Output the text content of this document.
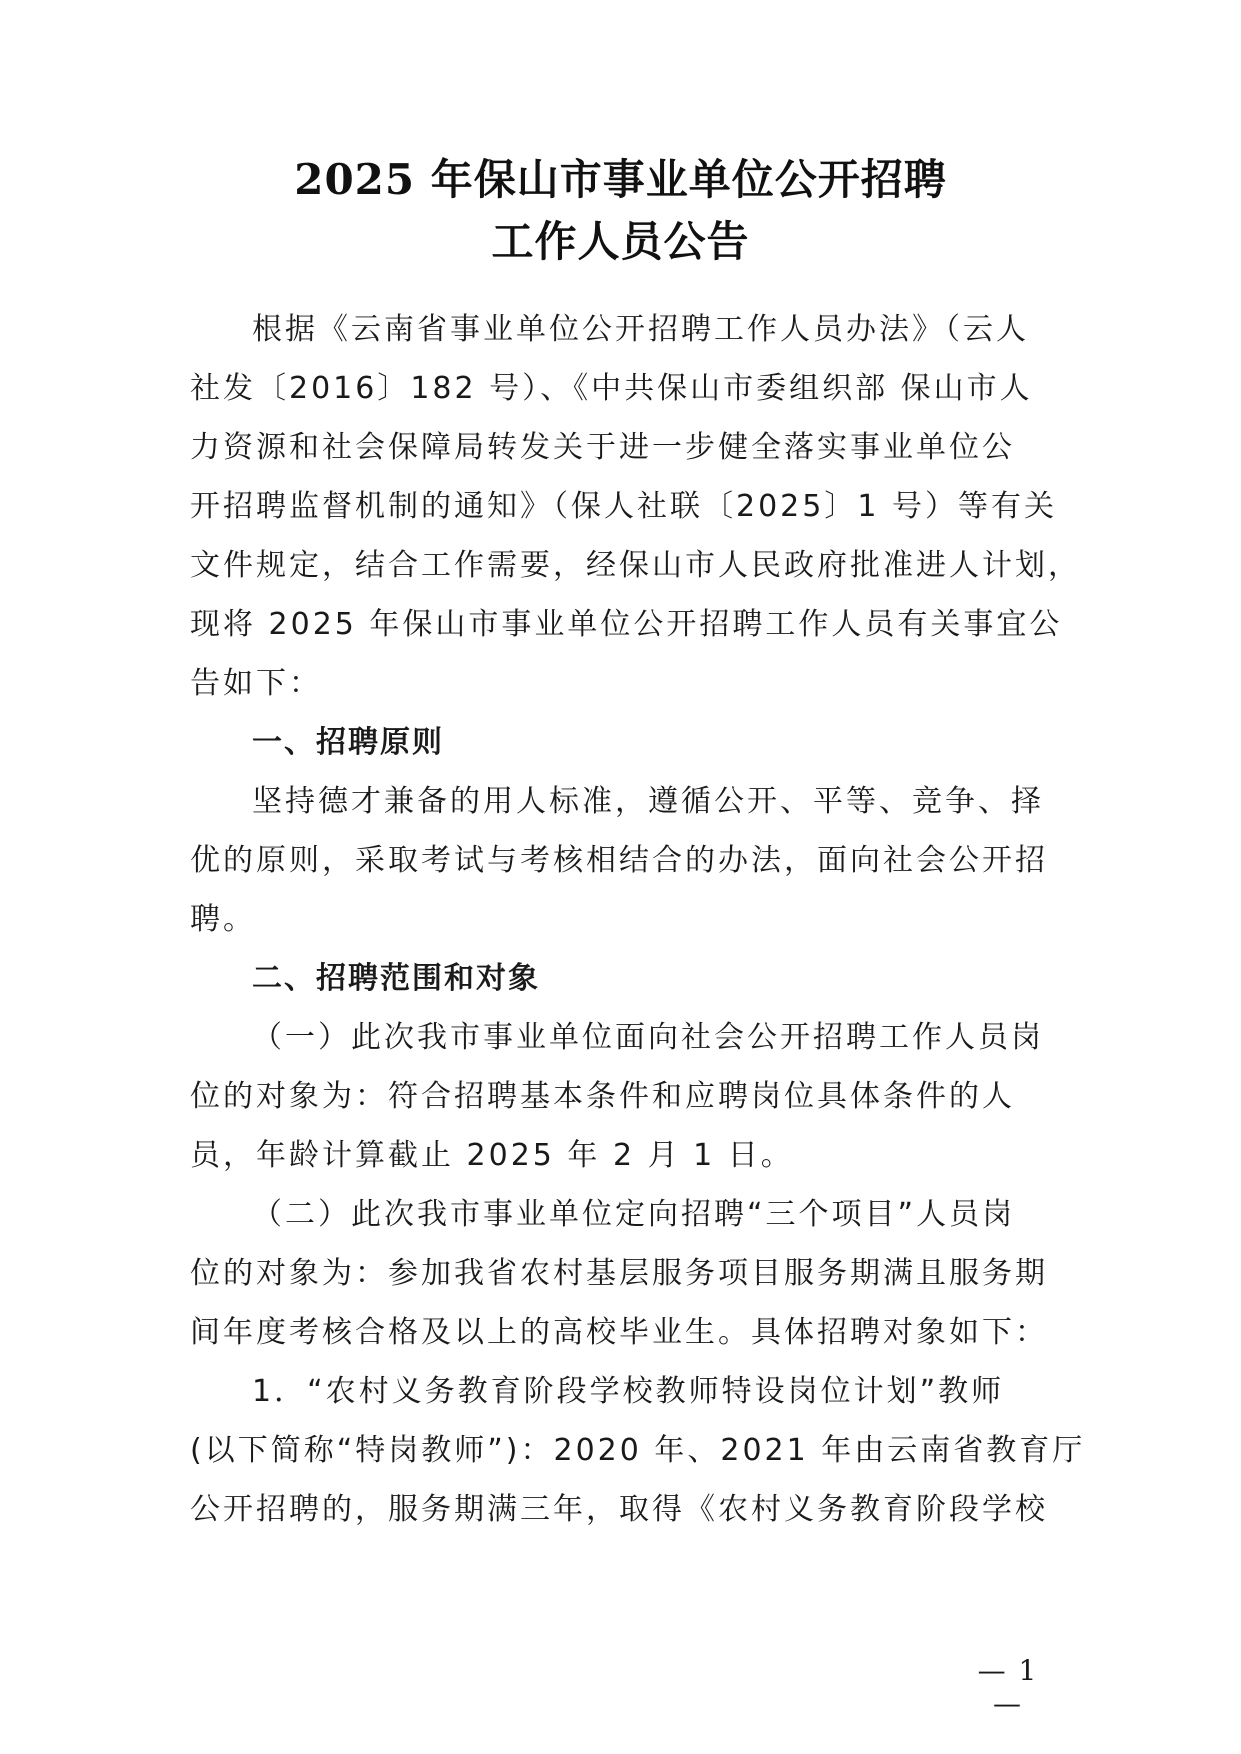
2025 年保山市事业单位公开招聘
工作人员公告
根据《云南省事业单位公开招聘工作人员办法》（云人
社发〔2016〕182 号）、《中共保山市委组织部 保山市人
力资源和社会保障局转发关于进一步健全落实事业单位公
开招聘监督机制的通知》（保人社联〔2025〕1 号）等有关
文件规定，结合工作需要，经保山市人民政府批准进人计划，
现将 2025 年保山市事业单位公开招聘工作人员有关事宜公
告如下：
一、招聘原则
坚持德才兼备的用人标准，遵循公开、平等、竞争、择
优的原则，采取考试与考核相结合的办法，面向社会公开招
聘。
二、招聘范围和对象
（一）此次我市事业单位面向社会公开招聘工作人员岗
位的对象为：符合招聘基本条件和应聘岗位具体条件的人
员，年龄计算截止 2025 年 2 月 1 日。
（二）此次我市事业单位定向招聘“三个项目”人员岗
位的对象为：参加我省农村基层服务项目服务期满且服务期
间年度考核合格及以上的高校毕业生。具体招聘对象如下：
1．“农村义务教育阶段学校教师特设岗位计划”教师
(以下简称“特岗教师”)：2020 年、2021 年由云南省教育厅
公开招聘的，服务期满三年，取得《农村义务教育阶段学校
— 1 —
